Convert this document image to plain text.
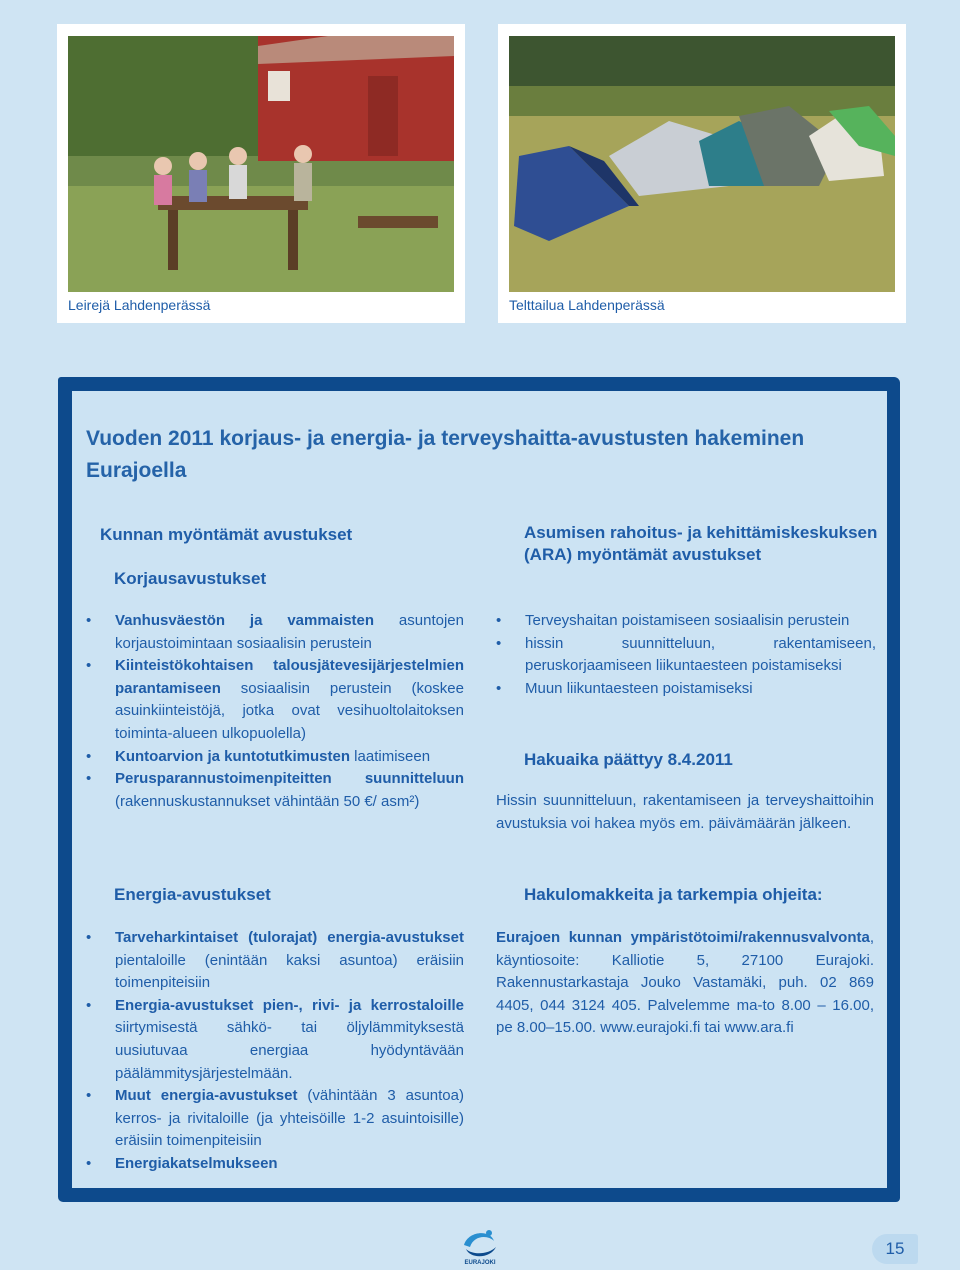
Leirejä Lahdenperässä	Telttailua Lahdenperässä
Vuoden 2011 korjaus- ja energia- ja terveyshaitta-avustusten hakeminen Eurajoella
Kunnan myöntämät avustukset
Korjausavustukset
• Vanhusväestön ja vammaisten asuntojen korjaustoimintaan sosiaalisin perustein
• Kiinteistökohtaisen talousjätevesijärjestelmien parantamiseen sosiaalisin perustein (koskee asuinkiinteistöjä, jotka ovat vesihuoltolaitoksen toiminta-alueen ulkopuolella)
• Kuntoarvion ja kuntotutkimusten laatimiseen
• Perusparannustoimenpiteitten suunnitteluun (rakennuskustannukset vähintään 50 €/ asm²)
Energia-avustukset
• Tarveharkintaiset (tulorajat) energia-avustukset pientaloille (enintään kaksi asuntoa) eräisiin toimenpiteisiin
• Energia-avustukset pien-, rivi- ja kerrostaloille siirtymisestä sähkö- tai öljylämmityksestä uusiutuvaa energiaa hyödyntävään päälämmitysjärjestelmään.
• Muut energia-avustukset (vähintään 3 asuntoa) kerros- ja rivitaloille (ja yhteisöille 1-2 asuintoisille) eräisiin toimenpiteisiin
• Energiakatselmukseen
Asumisen rahoitus- ja kehittämiskeskuksen (ARA) myöntämät avustukset
• Terveyshaitan poistamiseen sosiaalisin perustein
• hissin suunnitteluun, rakentamiseen, peruskorjaamiseen liikuntaesteen poistamiseksi
• Muun liikuntaesteen poistamiseksi
Hakuaika päättyy 8.4.2011
Hissin suunnitteluun, rakentamiseen ja terveyshaittoihin avustuksia voi hakea myös em. päivämäärän jälkeen.
Hakulomakkeita ja tarkempia ohjeita:
Eurajoen kunnan ympäristötoimi/rakennusvalvonta, käyntiosoite: Kalliotie 5, 27100 Eurajoki. Rakennustarkastaja Jouko Vastamäki, puh. 02 869 4405, 044 3124 405. Palvelemme ma-to 8.00 – 16.00, pe 8.00–15.00. www.eurajoki.fi tai www.ara.fi
EURAJOKI
15
